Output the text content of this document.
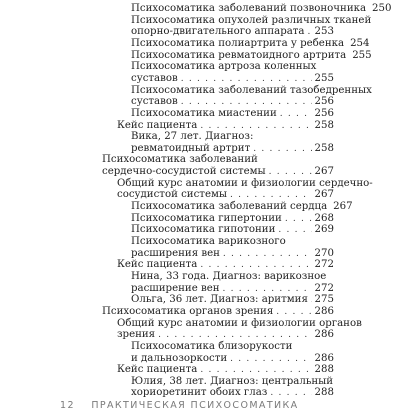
Психосоматика заболеваний позвоночника 250
Психосоматика опухолей различных тканей
опорно-двигательного аппарата . . . 253
Психосоматика полиартрита у ребенка 254
Психосоматика ревматоидного артрита 255
Психосоматика артроза коленных
суставов . . .	255
Психосоматика заболеваний тазобедренных
суставов . . .	256
Психосоматика миастении . . .	256
Кейс пациента . . .	258
Вика, 27 лет. Диагноз:
ревматоидный артрит . . .	258
Психосоматика заболеваний
сердечно-сосудистой системы . . .	267
Общий курс анатомии и физиологии сердечно-
сосудистой системы . . .	267
Психосоматика заболеваний сердца 267
Психосоматика гипертонии . . .	268
Психосоматика гипотонии . . .	269
Психосоматика варикозного
расширения вен . . .	270
Кейс пациента . . .	272
Нина, 33 года. Диагноз: варикозное
расширение вен . . .	272
Ольга, 36 лет. Диагноз: аритмия . . . 275
Психосоматика органов зрения . . .	286
Общий курс анатомии и физиологии органов
зрения . . .	286
Психосоматика близорукости
и дальнозоркости . . .	286
Кейс пациента . . .	288
Юлия, 38 лет. Диагноз: центральный
хориоретинит обоих глаз . . .	288
12 ПРАКТИЧЕСКАЯ ПСИХОСОМАТИКА
